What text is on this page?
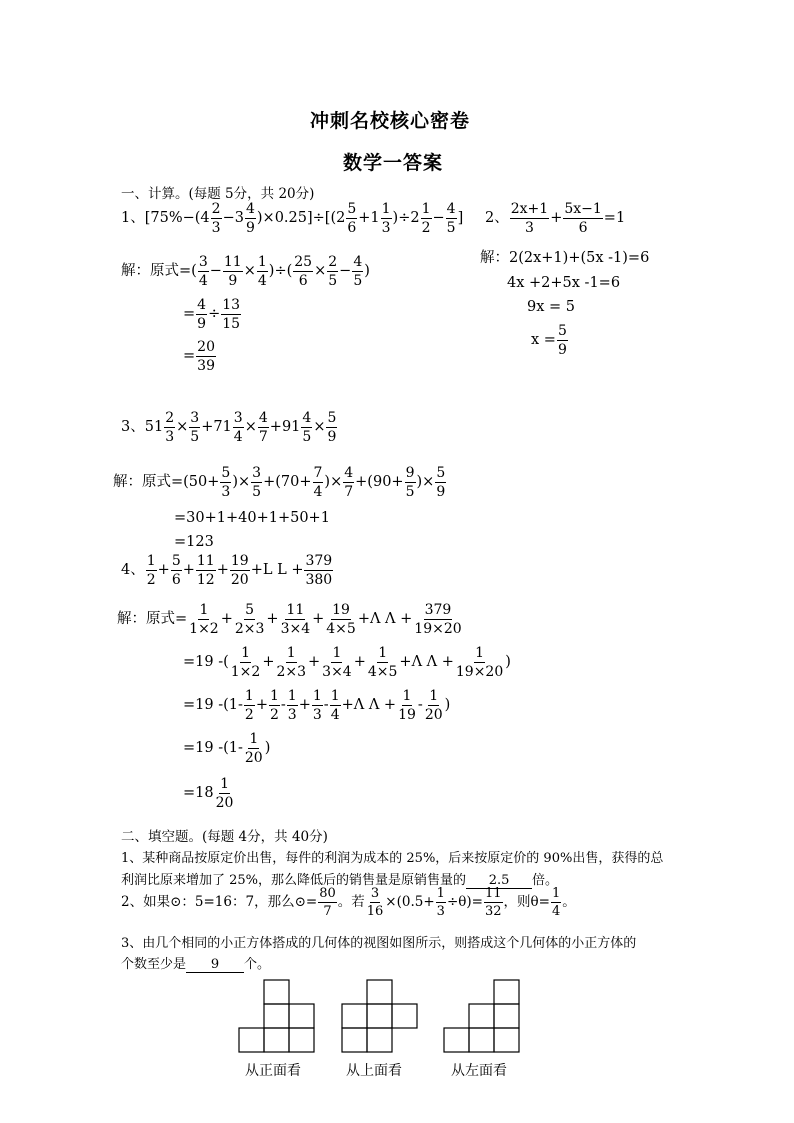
冲刺名校核心密卷
数学一答案
一、计算。(每题 5分，共 20分)
1、 [75% −(4
2
3
−3
4
9
)×0.25]÷[(2
5
6
+1
1
3
)÷2
1
2
− $\frac{4}{5}$ ]
解：原式 =(
3
4
− $\frac{11}{9} \times \frac{1}{4}$ )÷( $\frac{25}{6} \times \frac{2}{5} - \frac{4}{5}$ )
= $\frac{4}{9} \div \frac{13}{15}$
= $\frac{20}{39}$
2、
2x+1
3
+ $\frac{5x-1}{6} =1$
解： 2(2x+1)+(5x -1)=6
4x +2+5x -1=6
9x = 5
$x = \frac{5}{9}$
3、 $51 \frac{2}{3} \times \frac{3}{5} +71 \frac{3}{4} \times \frac{4}{7} +91 \frac{4}{5} \times \frac{5}{9}$
解：原式 $=(50+ \frac{5}{3}$ )× $\frac{3}{5} +(70+ \frac{7}{4}$ )× $\frac{4}{7} +(90+ \frac{9}{5}$ )× $\frac{5}{9}$
=30+1+40+1+50+1
=123
4、
1
2
+ $\frac{5}{6} + \frac{11}{12} + \frac{19}{20} +L$ $L + \frac{379}{380}$
解：原式 = $\frac{1}{1\times 2} + \frac{5}{2\times 3} + \frac{11}{3\times 4} + \frac{19}{4\times 5} +\Lambda$ $\Lambda + \frac{379}{19\times 20}$
=19 -(
1
1×2
+ $\frac{1}{2\times 3} + \frac{1}{3\times 4} + \frac{1}{4\times 5} +\Lambda$ $\Lambda + \frac{1}{19\times 20}$ )
=19 -(1-
1
2
+ $\frac{1}{2}$ -
1
3
+ $\frac{1}{3}$ -
1
4
+Λ $\Lambda + \frac{1}{19}$ -
1
20
)
=19 -(1-
1
20
)
=18
1
20
二、填空题。(每题 4分，共 40分)
1、某种商品按原定价出售，每件的利润为成本的 25%，后来按原定价的 90%出售，获得的总
利润比原来增加了 25%，那么降低后的销售量是原销售量的 2.5 倍。
2、如果⊙：5=16：7，那么⊙= $\frac{80}{7}$ 。若 $\frac{3}{16} \times(0.5+ \frac{1}{3} \div\theta)= \frac{11}{32}$ ，则$\theta= \frac{1}{4}$ 。
3、由几个相同的小正方体搭成的几何体的视图如图所示，则搭成这个几何体的小正方体的
个数至少是 9 个。
从正面看	从上面看	从左面看
